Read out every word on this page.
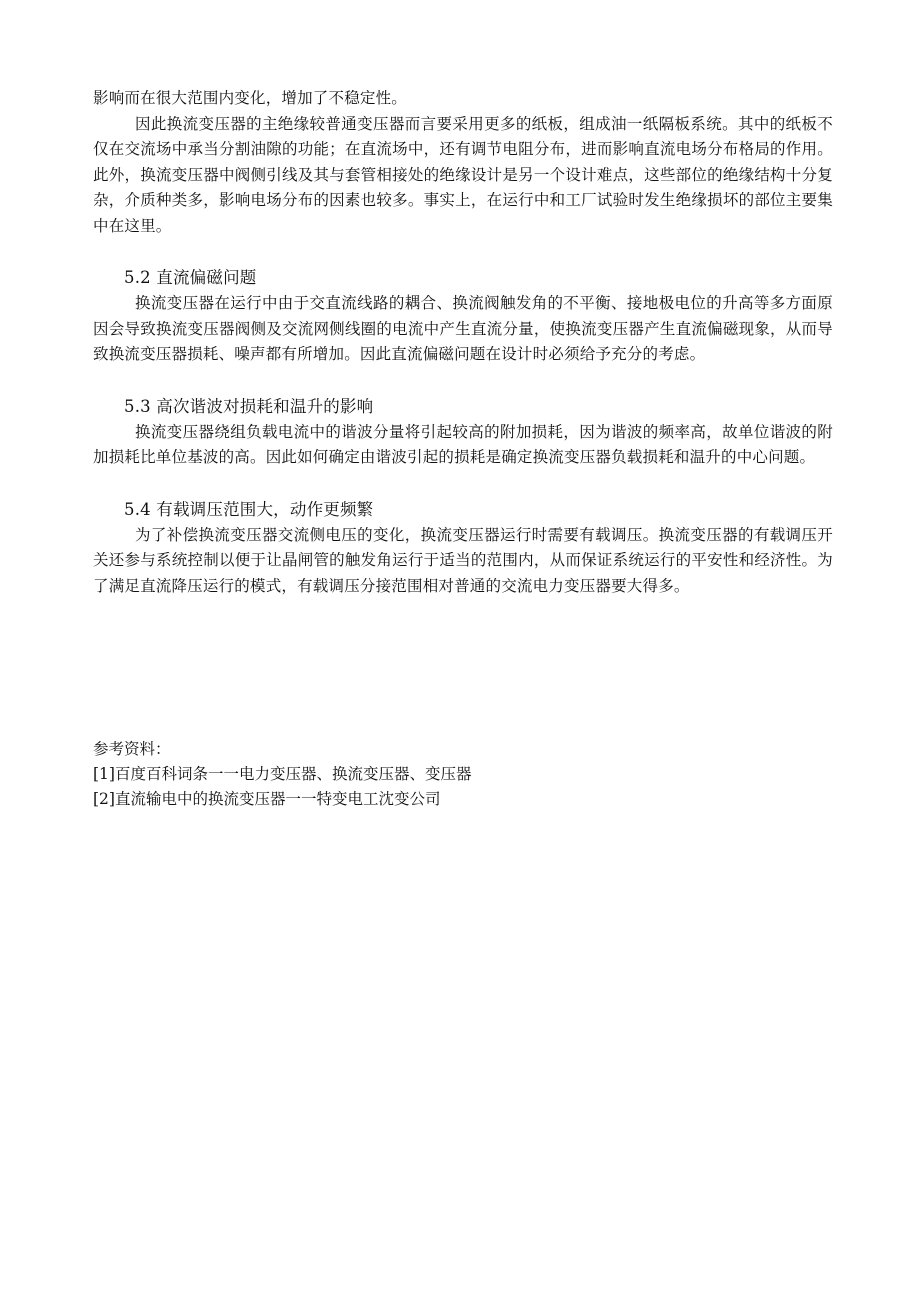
影响而在很大范围内变化，增加了不稳定性。

因此换流变压器的主绝缘较普通变压器而言要采用更多的纸板，组成油一纸隔板系统。其中的纸板不仅在交流场中承当分割油隙的功能；在直流场中，还有调节电阻分布，进而影响直流电场分布格局的作用。此外，换流变压器中阀侧引线及其与套管相接处的绝缘设计是另一个设计难点，这些部位的绝缘结构十分复杂，介质种类多，影响电场分布的因素也较多。事实上，在运行中和工厂试验时发生绝缘损坏的部位主要集中在这里。

5.2 直流偏磁问题

换流变压器在运行中由于交直流线路的耦合、换流阀触发角的不平衡、接地极电位的升高等多方面原因会导致换流变压器阀侧及交流网侧线圈的电流中产生直流分量，使换流变压器产生直流偏磁现象，从而导致换流变压器损耗、噪声都有所增加。因此直流偏磁问题在设计时必须给予充分的考虑。

5.3 高次谐波对损耗和温升的影响

换流变压器绕组负载电流中的谐波分量将引起较高的附加损耗，因为谐波的频率高，故单位谐波的附加损耗比单位基波的高。因此如何确定由谐波引起的损耗是确定换流变压器负载损耗和温升的中心问题。

5.4 有载调压范围大，动作更频繁

为了补偿换流变压器交流侧电压的变化，换流变压器运行时需要有载调压。换流变压器的有载调压开关还参与系统控制以便于让晶闸管的触发角运行于适当的范围内，从而保证系统运行的平安性和经济性。为了满足直流降压运行的模式，有载调压分接范围相对普通的交流电力变压器要大得多。

参考资料：

[1]百度百科词条一一电力变压器、换流变压器、变压器

[2]直流输电中的换流变压器一一特变电工沈变公司
